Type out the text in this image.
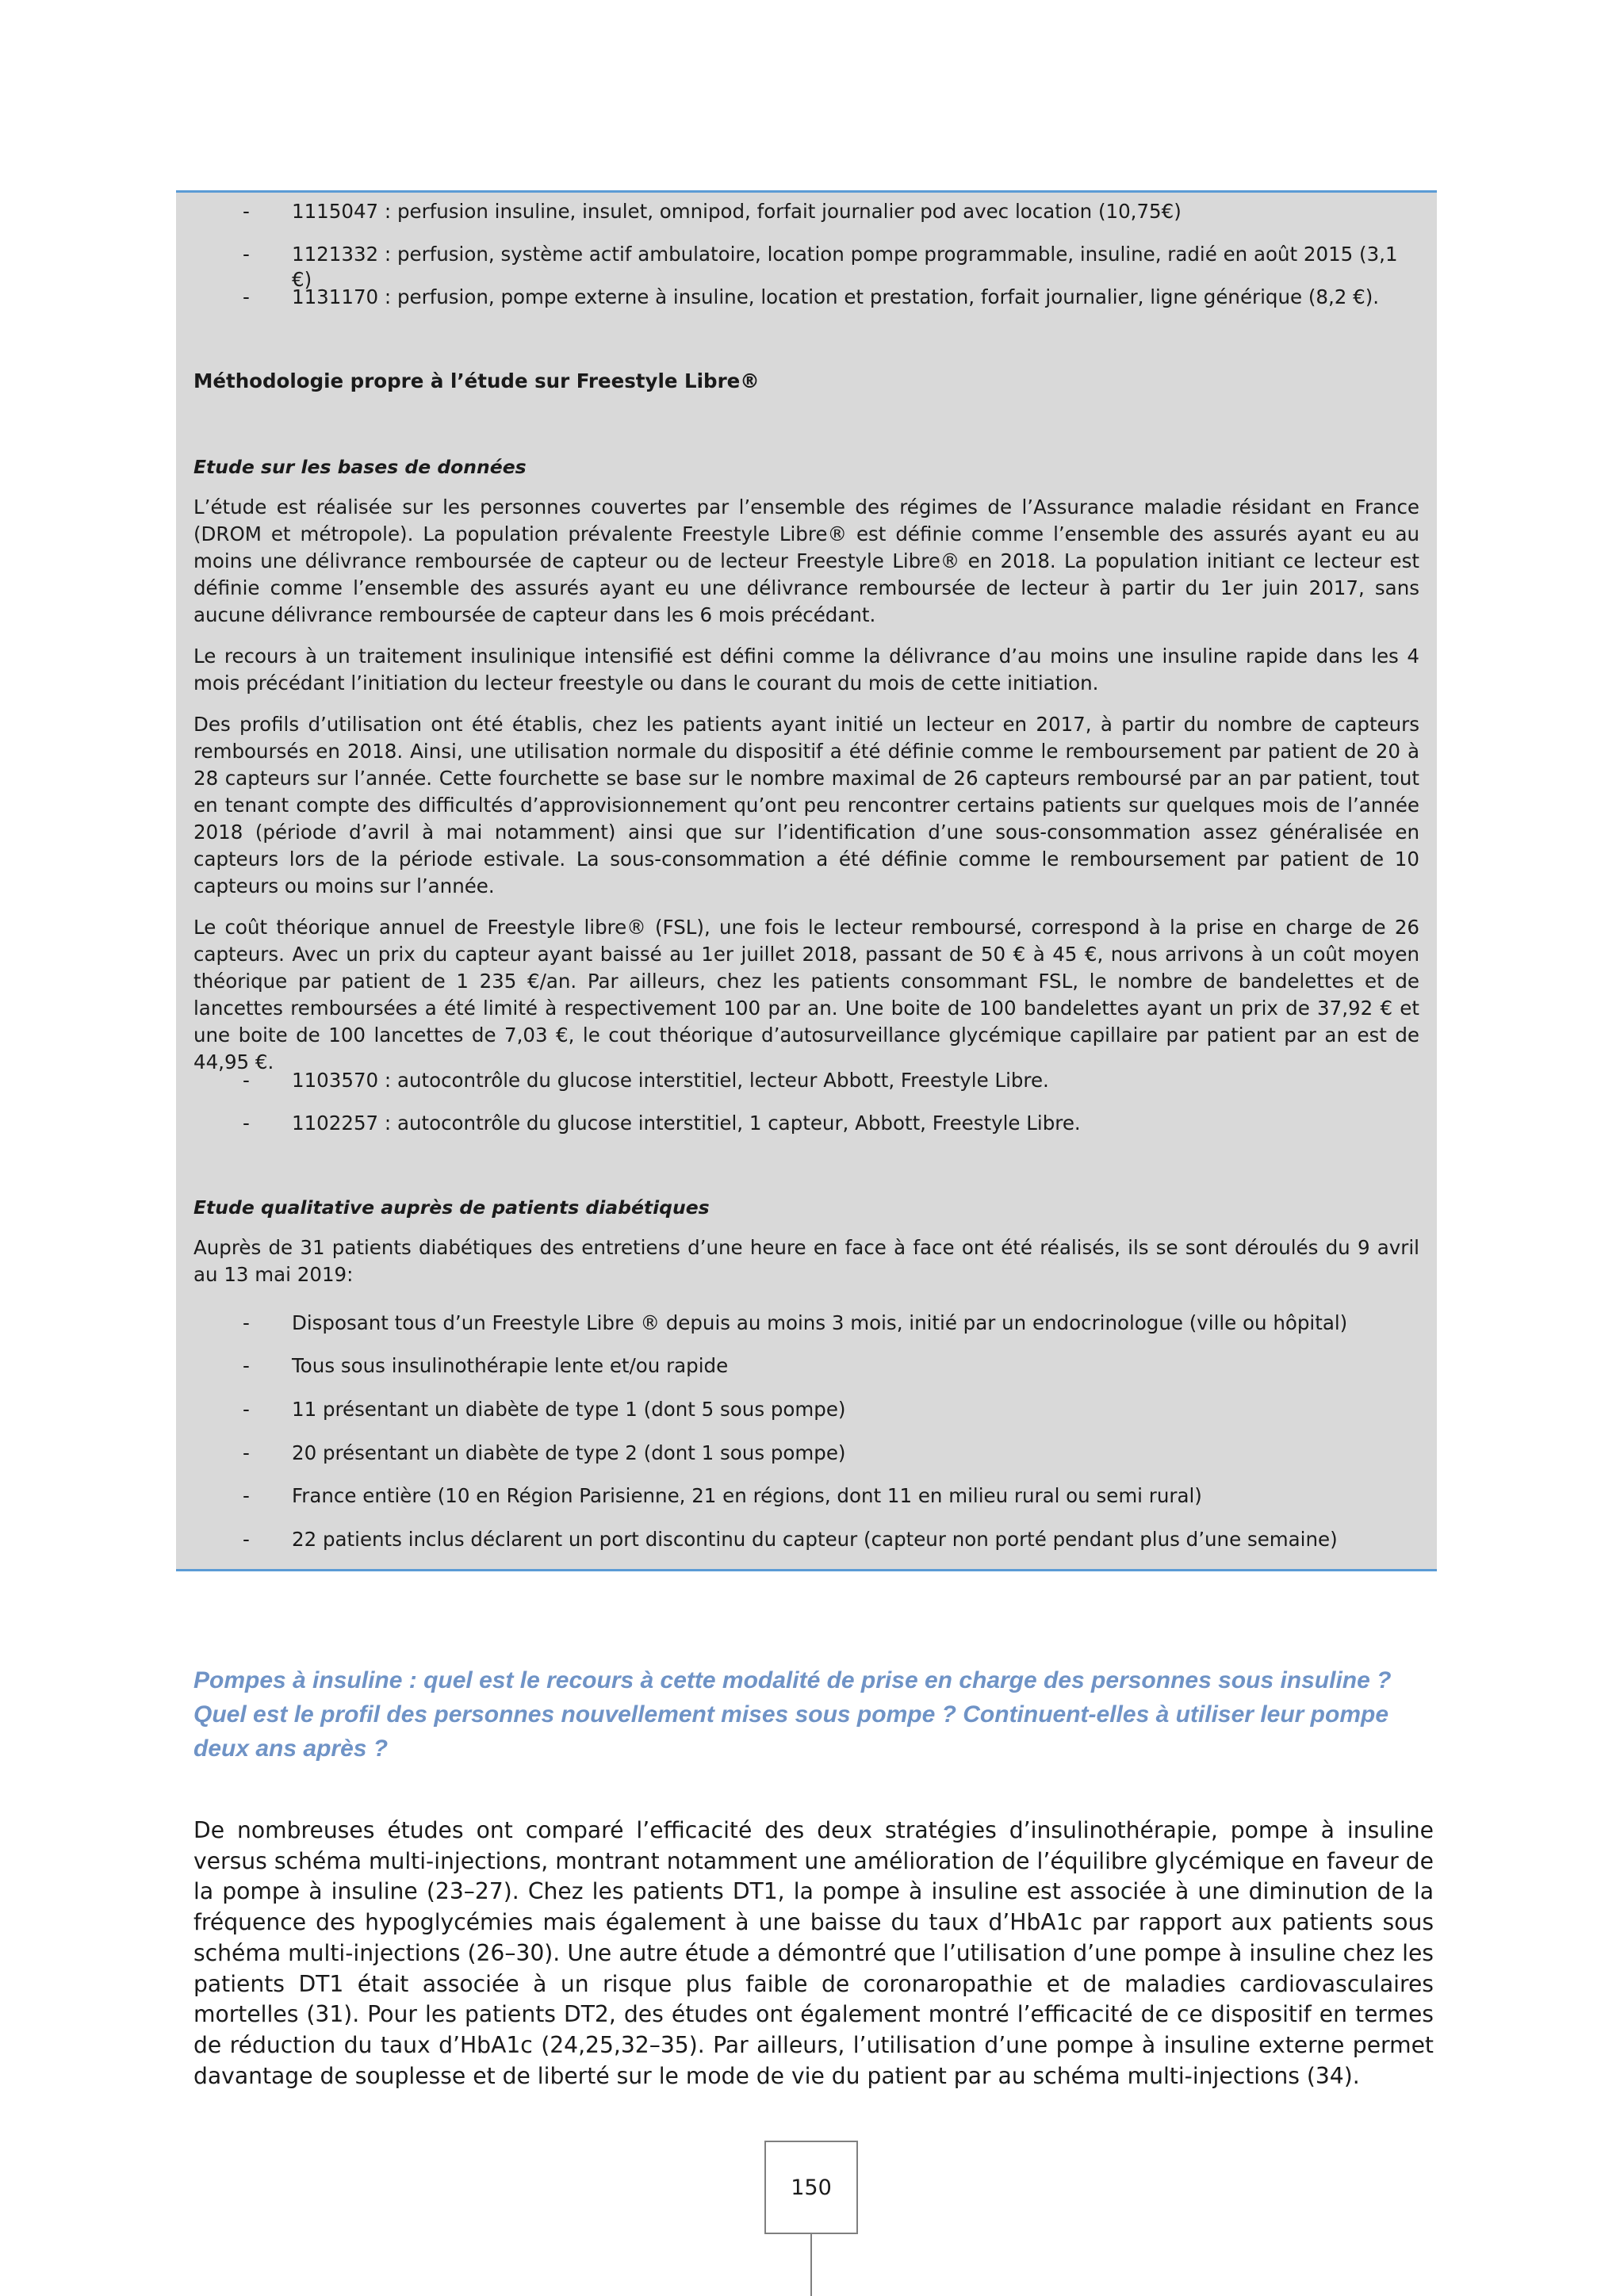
- 1115047 : perfusion insuline, insulet, omnipod, forfait journalier pod avec location (10,75€)

- 1121332 : perfusion, système actif ambulatoire, location pompe programmable, insuline, radié en août 2015 (3,1 €)

- 1131170 : perfusion, pompe externe à insuline, location et prestation, forfait journalier, ligne générique (8,2 €).

Méthodologie propre à l’étude sur Freestyle Libre®

Etude sur les bases de données

L’étude est réalisée sur les personnes couvertes par l’ensemble des régimes de l’Assurance maladie résidant en France (DROM et métropole). La population prévalente Freestyle Libre® est définie comme l’ensemble des assurés ayant eu au moins une délivrance remboursée de capteur ou de lecteur Freestyle Libre® en 2018. La population initiant ce lecteur est définie comme l’ensemble des assurés ayant eu une délivrance remboursée de lecteur à partir du 1er juin 2017, sans aucune délivrance remboursée de capteur dans les 6 mois précédant.

Le recours à un traitement insulinique intensifié est défini comme la délivrance d’au moins une insuline rapide dans les 4 mois précédant l’initiation du lecteur freestyle ou dans le courant du mois de cette initiation.

Des profils d’utilisation ont été établis, chez les patients ayant initié un lecteur en 2017, à partir du nombre de capteurs remboursés en 2018. Ainsi, une utilisation normale du dispositif a été définie comme le remboursement par patient de 20 à 28 capteurs sur l’année. Cette fourchette se base sur le nombre maximal de 26 capteurs remboursé par an par patient, tout en tenant compte des difficultés d’approvisionnement qu’ont peu rencontrer certains patients sur quelques mois de l’année 2018 (période d’avril à mai notamment) ainsi que sur l’identification d’une sous-consommation assez généralisée en capteurs lors de la période estivale. La sous-consommation a été définie comme le remboursement par patient de 10 capteurs ou moins sur l’année.

Le coût théorique annuel de Freestyle libre® (FSL), une fois le lecteur remboursé, correspond à la prise en charge de 26 capteurs. Avec un prix du capteur ayant baissé au 1er juillet 2018, passant de 50 € à 45 €, nous arrivons à un coût moyen théorique par patient de 1 235 €/an. Par ailleurs, chez les patients consommant FSL, le nombre de bandelettes et de lancettes remboursées a été limité à respectivement 100 par an. Une boite de 100 bandelettes ayant un prix de 37,92 € et une boite de 100 lancettes de 7,03 €, le cout théorique d’autosurveillance glycémique capillaire par patient par an est de 44,95 €.

- 1103570 : autocontrôle du glucose interstitiel, lecteur Abbott, Freestyle Libre.

- 1102257 : autocontrôle du glucose interstitiel, 1 capteur, Abbott, Freestyle Libre.

Etude qualitative auprès de patients diabétiques

Auprès de 31 patients diabétiques des entretiens d’une heure en face à face ont été réalisés, ils se sont déroulés du 9 avril au 13 mai 2019:

- Disposant tous d’un Freestyle Libre ® depuis au moins 3 mois, initié par un endocrinologue (ville ou hôpital)

- Tous sous insulinothérapie lente et/ou rapide

- 11 présentant un diabète de type 1 (dont 5 sous pompe)

- 20 présentant un diabète de type 2 (dont 1 sous pompe)

- France entière (10 en Région Parisienne, 21 en régions, dont 11 en milieu rural ou semi rural)

- 22 patients inclus déclarent un port discontinu du capteur (capteur non porté pendant plus d’une semaine)

Pompes à insuline : quel est le recours à cette modalité de prise en charge des personnes sous insuline ? Quel est le profil des personnes nouvellement mises sous pompe ? Continuent-elles à utiliser leur pompe deux ans après ?

De nombreuses études ont comparé l’efficacité des deux stratégies d’insulinothérapie, pompe à insuline versus schéma multi-injections, montrant notamment une amélioration de l’équilibre glycémique en faveur de la pompe à insuline (23–27). Chez les patients DT1, la pompe à insuline est associée à une diminution de la fréquence des hypoglycémies mais également à une baisse du taux d’HbA1c par rapport aux patients sous schéma multi-injections (26–30). Une autre étude a démontré que l’utilisation d’une pompe à insuline chez les patients DT1 était associée à un risque plus faible de coronaropathie et de maladies cardiovasculaires mortelles (31). Pour les patients DT2, des études ont également montré l’efficacité de ce dispositif en termes de réduction du taux d’HbA1c (24,25,32–35). Par ailleurs, l’utilisation d’une pompe à insuline externe permet davantage de souplesse et de liberté sur le mode de vie du patient par au schéma multi-injections (34).

150
